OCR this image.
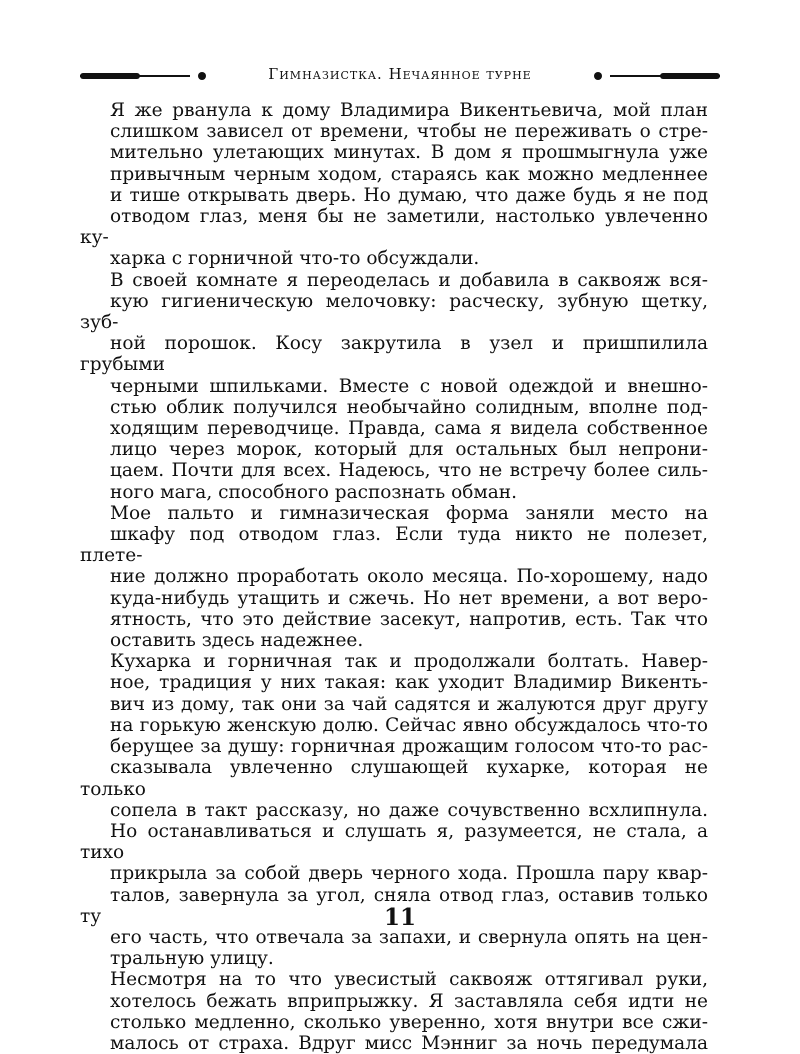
Гимназистка. Нечаянное турне

Я же рванула к дому Владимира Викентьевича, мой план
слишком зависел от времени, чтобы не переживать о стре-
мительно улетающих минутах. В дом я прошмыгнула уже
привычным черным ходом, стараясь как можно медленнее
и тише открывать дверь. Но думаю, что даже будь я не под
отводом глаз, меня бы не заметили, настолько увлеченно ку-
харка с горничной что-то обсуждали.

В своей комнате я переоделась и добавила в саквояж вся-
кую гигиеническую мелочовку: расческу, зубную щетку, зуб-
ной порошок. Косу закрутила в узел и пришпилила грубыми
черными шпильками. Вместе с новой одеждой и внешно-
стью облик получился необычайно солидным, вполне под-
ходящим переводчице. Правда, сама я видела собственное
лицо через морок, который для остальных был непрони-
цаем. Почти для всех. Надеюсь, что не встречу более силь-
ного мага, способного распознать обман.

Мое пальто и гимназическая форма заняли место на
шкафу под отводом глаз. Если туда никто не полезет, плете-
ние должно проработать около месяца. По-хорошему, надо
куда-нибудь утащить и сжечь. Но нет времени, а вот веро-
ятность, что это действие засекут, напротив, есть. Так что
оставить здесь надежнее.

Кухарка и горничная так и продолжали болтать. Навер-
ное, традиция у них такая: как уходит Владимир Викенть-
вич из дому, так они за чай садятся и жалуются друг другу
на горькую женскую долю. Сейчас явно обсуждалось что-то
берущее за душу: горничная дрожащим голосом что-то рас-
сказывала увлеченно слушающей кухарке, которая не только
сопела в такт рассказу, но даже сочувственно всхлипнула.
Но останавливаться и слушать я, разумеется, не стала, а тихо
прикрыла за собой дверь черного хода. Прошла пару квар-
талов, завернула за угол, сняла отвод глаз, оставив только ту
его часть, что отвечала за запахи, и свернула опять на цен-
тральную улицу.

Несмотря на то что увесистый саквояж оттягивал руки,
хотелось бежать вприпрыжку. Я заставляла себя идти не
столько медленно, сколько уверенно, хотя внутри все сжи-
малось от страха. Вдруг мисс Мэнниг за ночь передумала

11
